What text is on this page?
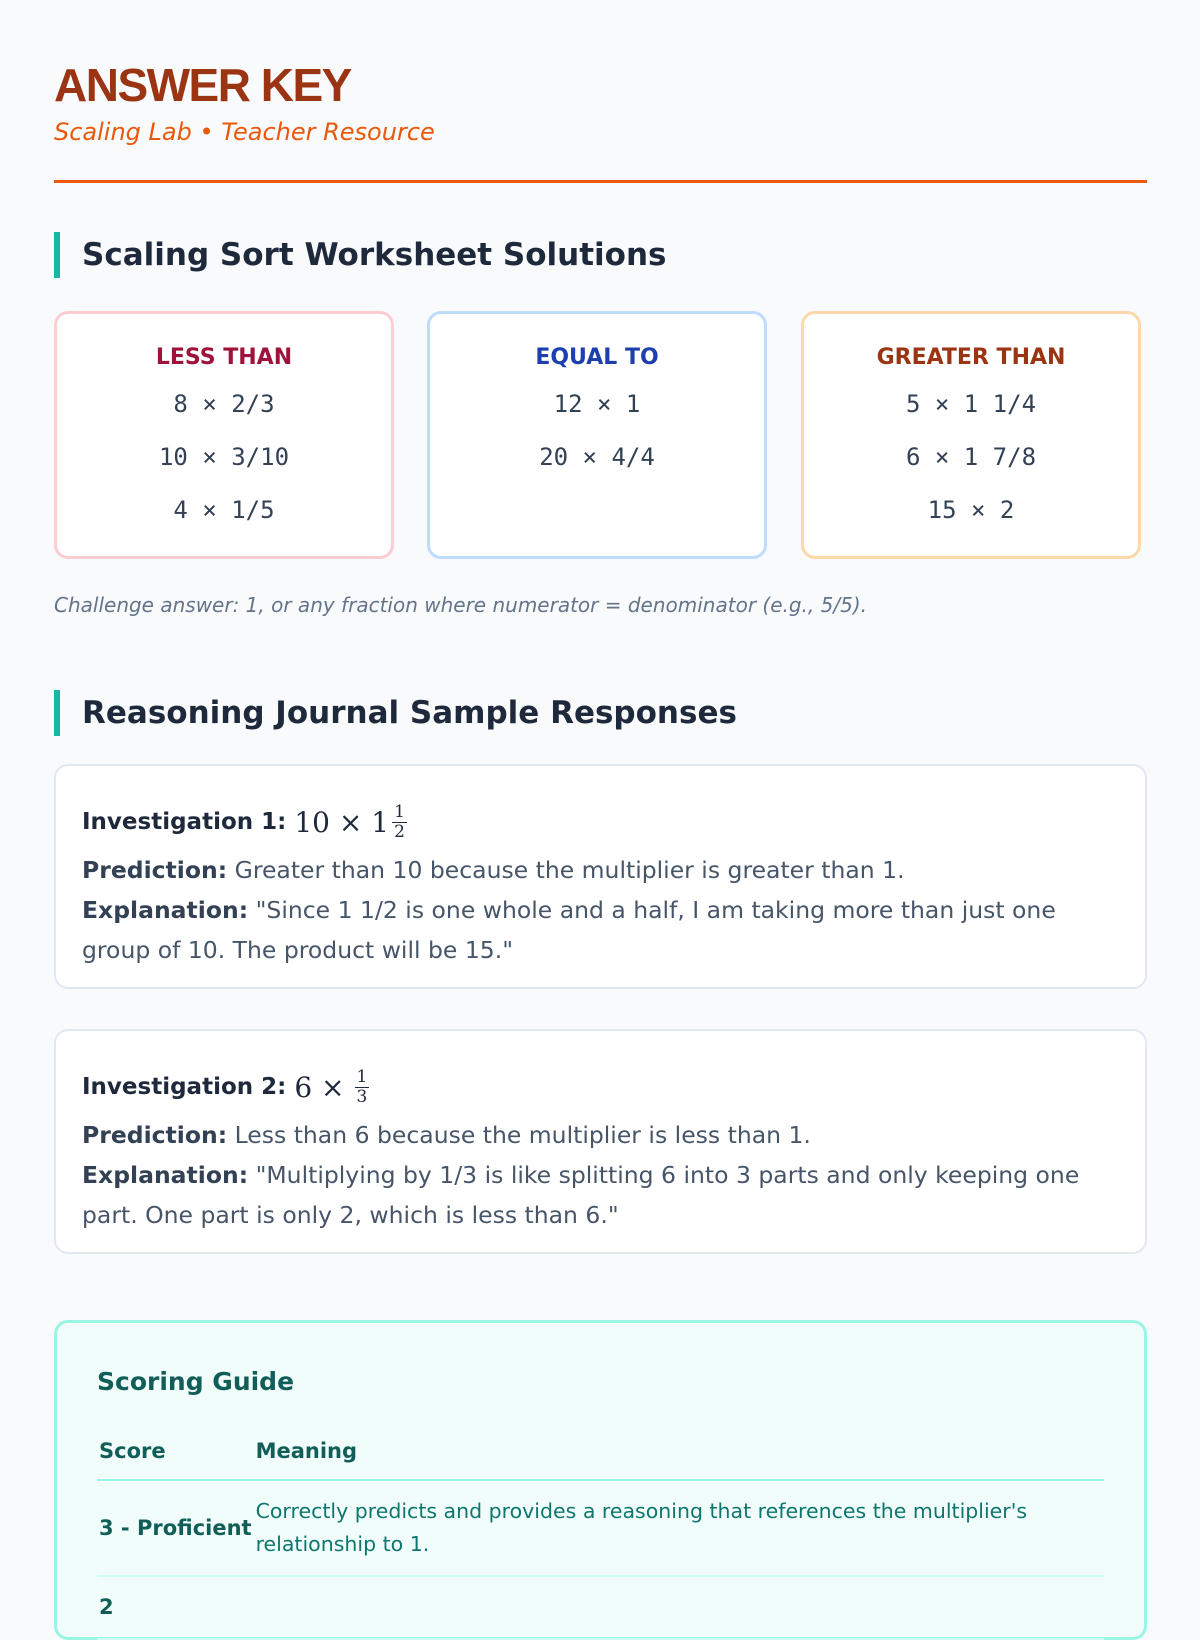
ANSWER KEY
Scaling Lab • Teacher Resource
Scaling Sort Worksheet Solutions
LESS THAN
8 × 2/3
10 × 3/10
4 × 1/5
EQUAL TO
12 × 1
20 × 4/4
GREATER THAN
5 × 1 1/4
6 × 1 7/8
15 × 2
Challenge answer: 1, or any fraction where numerator = denominator (e.g., 5/5).
Reasoning Journal Sample Responses
Investigation 1: $10 \times 1 \frac{1}{2}$

Prediction: Greater than 10 because the multiplier is greater than 1.

Explanation: "Since 1 1/2 is one whole and a half, I am taking more than just one group of 10. The product will be 15."

Investigation 2: $6 \times \frac{1}{3}$

Prediction: Less than 6 because the multiplier is less than 1.

Explanation: "Multiplying by 1/3 is like splitting 6 into 3 parts and only keeping one part. One part is only 2, which is less than 6."

Scoring Guide
Score	Meaning
3 - Proficient	Correctly predicts and provides a reasoning that references the multiplier's relationship to 1.
2	
